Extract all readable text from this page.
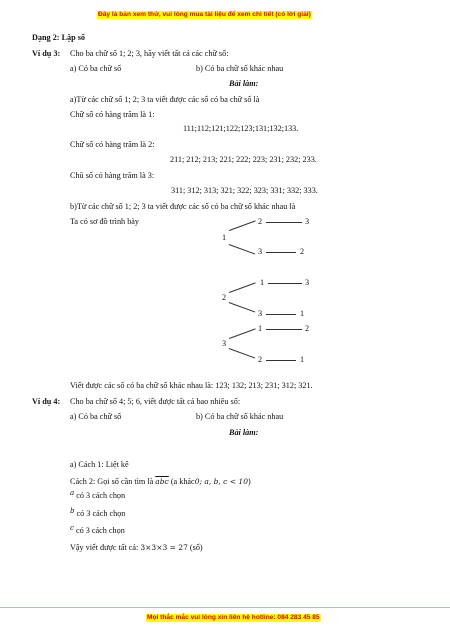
Đây là bản xem thử, vui lòng mua tài liệu để xem chi tiết (có lời giải)
Dạng 2: Lập số
Ví dụ 3: Cho ba chữ số 1; 2; 3, hãy viết tất cả các chữ số:
a) Có ba chữ số	b) Có ba chữ số khác nhau
Bài làm:
a)Từ các chữ số 1; 2; 3 ta viết được các số có ba chữ số là
Chữ số có hàng trăm là 1:
111;112;121;122;123;131;132;133.
Chữ số có hàng trăm là 2:
211; 212; 213; 221; 222; 223; 231; 232; 233.
Chũ số có hàng trăm là 3:
311; 312; 313; 321; 322; 323; 331; 332; 333.
b)Từ các chữ số 1; 2; 3 ta viết được các số có ba chữ số khác nhau là
Ta có sơ đồ trình bày
1
2	3
3	2
2
1	3
3	1
3
1	2
2	1
Viết được các số có ba chữ số khác nhau là: 123; 132; 213; 231; 312; 321.
Ví dụ 4: Cho ba chữ số 4; 5; 6, viết được tất cả bao nhiêu số:
a) Có ba chữ số	b) Có ba chữ số khác nhau
Bài làm:
a) Cách 1: Liệt kê
Cách 2: Gọi số cần tìm là $\overline{abc}$ (a khác0; a, b, c < 10)
a có 3 cách chọn
b có 3 cách chọn
c có 3 cách chọn
Vậy viết được tất cả: 3×3×3 = 27 (số)
Mọi thắc mắc vui lòng xin liên hệ hotline: 084 283 45 85
